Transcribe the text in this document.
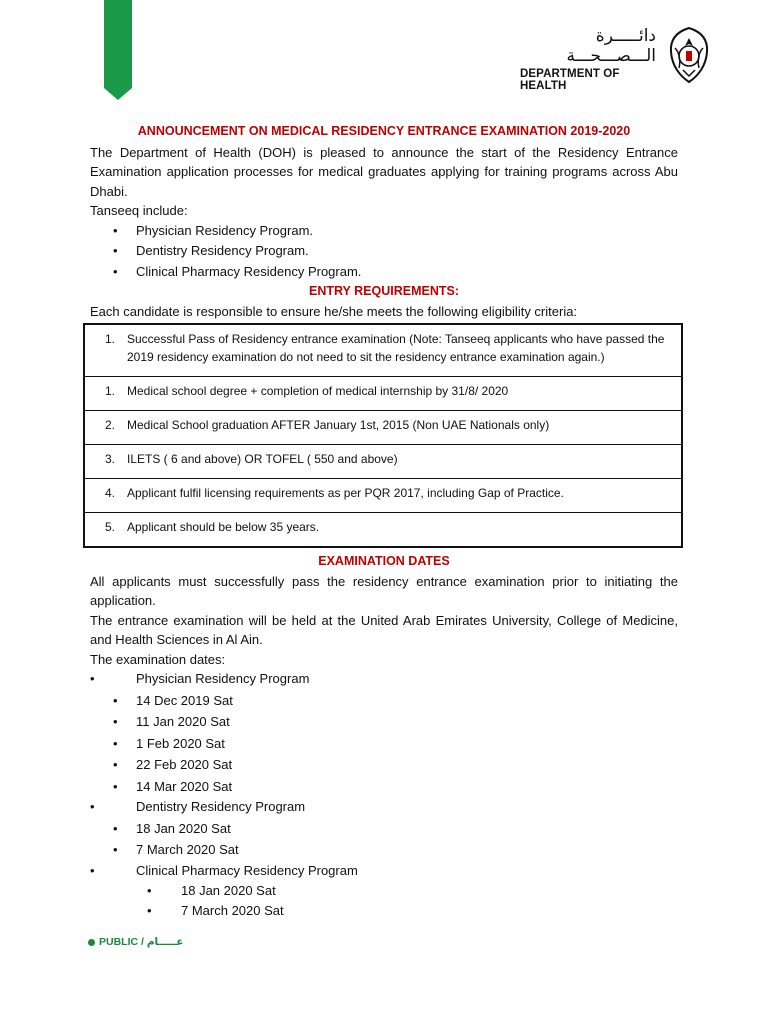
دائـــــرة الـــصـــحـــة
DEPARTMENT OF HEALTH
ANNOUNCEMENT ON MEDICAL RESIDENCY ENTRANCE EXAMINATION 2019-2020

The Department of Health (DOH) is pleased to announce the start of the Residency Entrance Examination application processes for medical graduates applying for training programs across Abu Dhabi.

Tanseeq include:

• Physician Residency Program.
• Dentistry Residency Program.
• Clinical Pharmacy Residency Program.
ENTRY REQUIREMENTS:

Each candidate is responsible to ensure he/she meets the following eligibility criteria:

1.	Successful Pass of Residency entrance examination (Note: Tanseeq applicants who have passed the 2019 residency examination do not need to sit the residency entrance examination again.)
1.	Medical school degree + completion of medical internship by 31/8/ 2020
2.	Medical School graduation AFTER January 1st, 2015 (Non UAE Nationals only)
3.	ILETS ( 6 and above) OR TOFEL ( 550 and above)
4.	Applicant fulfil licensing requirements as per PQR 2017, including Gap of Practice.
5.	Applicant should be below 35 years.
EXAMINATION DATES

All applicants must successfully pass the residency entrance examination prior to initiating the application.

The entrance examination will be held at the United Arab Emirates University, College of Medicine, and Health Sciences in Al Ain.

The examination dates:

• Physician Residency Program
• 14 Dec 2019 Sat
• 11 Jan 2020 Sat
• 1 Feb 2020 Sat
• 22 Feb 2020 Sat
• 14 Mar 2020 Sat
• Dentistry Residency Program
• 18 Jan 2020 Sat
• 7 March 2020 Sat
• Clinical Pharmacy Residency Program
• 18 Jan 2020 Sat
• 7 March 2020 Sat
PUBLIC / عـــــام
